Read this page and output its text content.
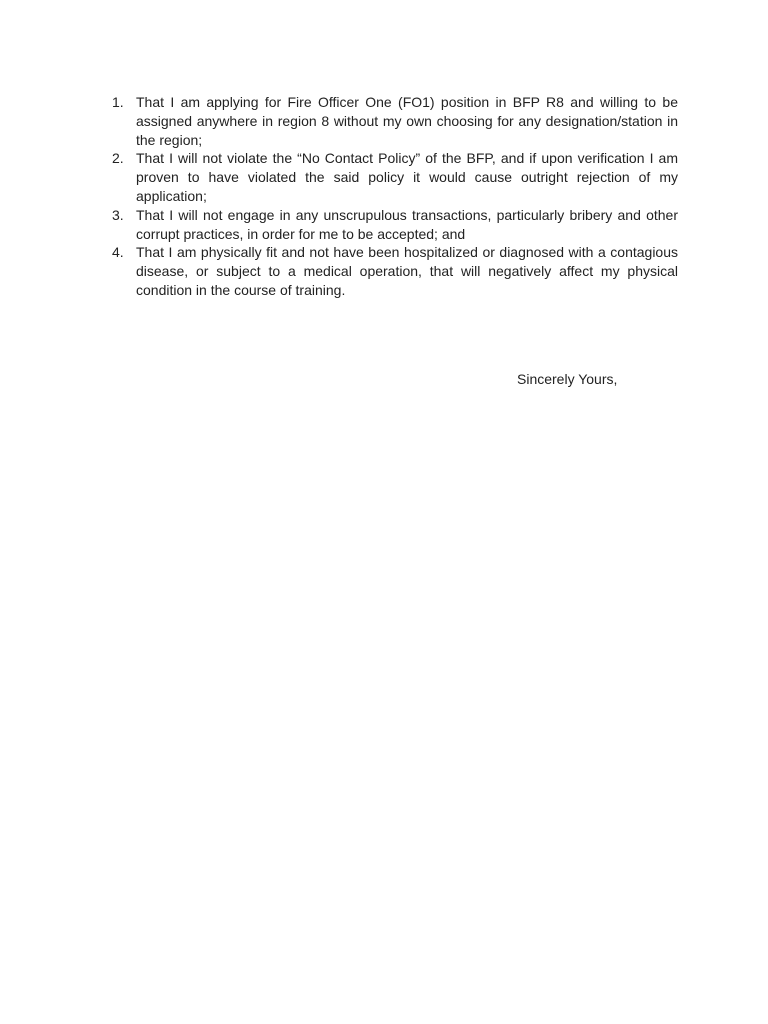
1. That I am applying for Fire Officer One (FO1) position in BFP R8 and willing to be assigned anywhere in region 8 without my own choosing for any designation/station in the region;
2. That I will not violate the “No Contact Policy” of the BFP, and if upon verification I am proven to have violated the said policy it would cause outright rejection of my application;
3. That I will not engage in any unscrupulous transactions, particularly bribery and other corrupt practices, in order for me to be accepted; and
4. That I am physically fit and not have been hospitalized or diagnosed with a contagious disease, or subject to a medical operation, that will negatively affect my physical condition in the course of training.
Sincerely Yours,
